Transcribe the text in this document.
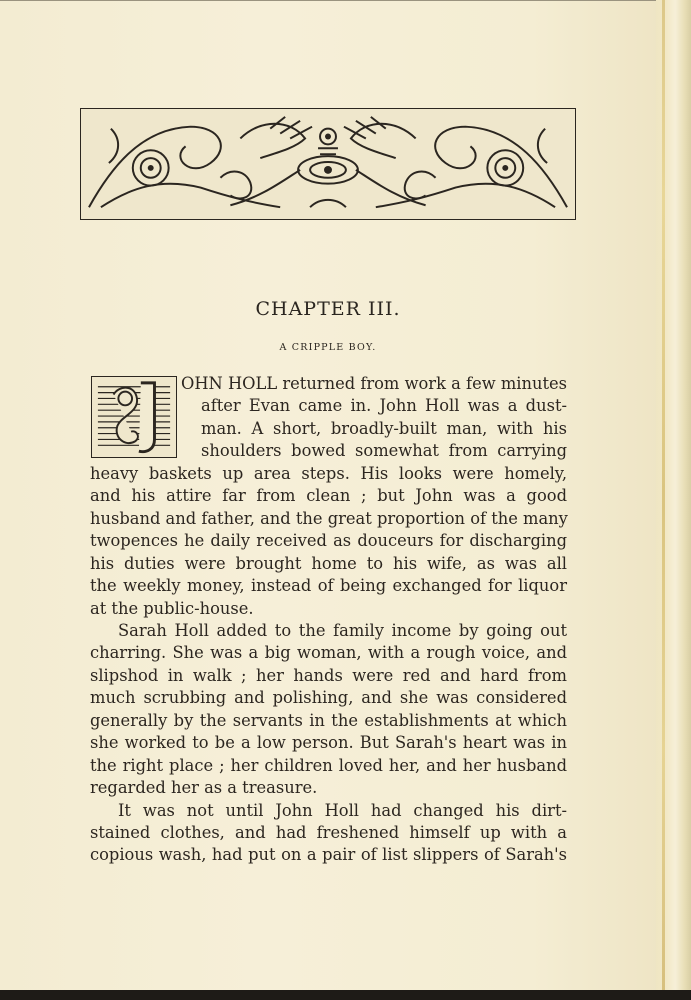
CHAPTER III.
A CRIPPLE BOY.
OHN HOLL returned from work a few minutes
after Evan came in. John Holl was a dust-
man. A short, broadly-built man, with his
shoulders bowed somewhat from carrying
heavy baskets up area steps. His looks were homely,
and his attire far from clean ; but John was a good
husband and father, and the great proportion of the many
twopences he daily received as douceurs for discharging
his duties were brought home to his wife, as was all
the weekly money, instead of being exchanged for liquor
at the public-house.
Sarah Holl added to the family income by going out
charring. She was a big woman, with a rough voice, and
slipshod in walk ; her hands were red and hard from
much scrubbing and polishing, and she was considered
generally by the servants in the establishments at which
she worked to be a low person. But Sarah's heart was in
the right place ; her children loved her, and her husband
regarded her as a treasure.
It was not until John Holl had changed his dirt-
stained clothes, and had freshened himself up with a
copious wash, had put on a pair of list slippers of Sarah's
